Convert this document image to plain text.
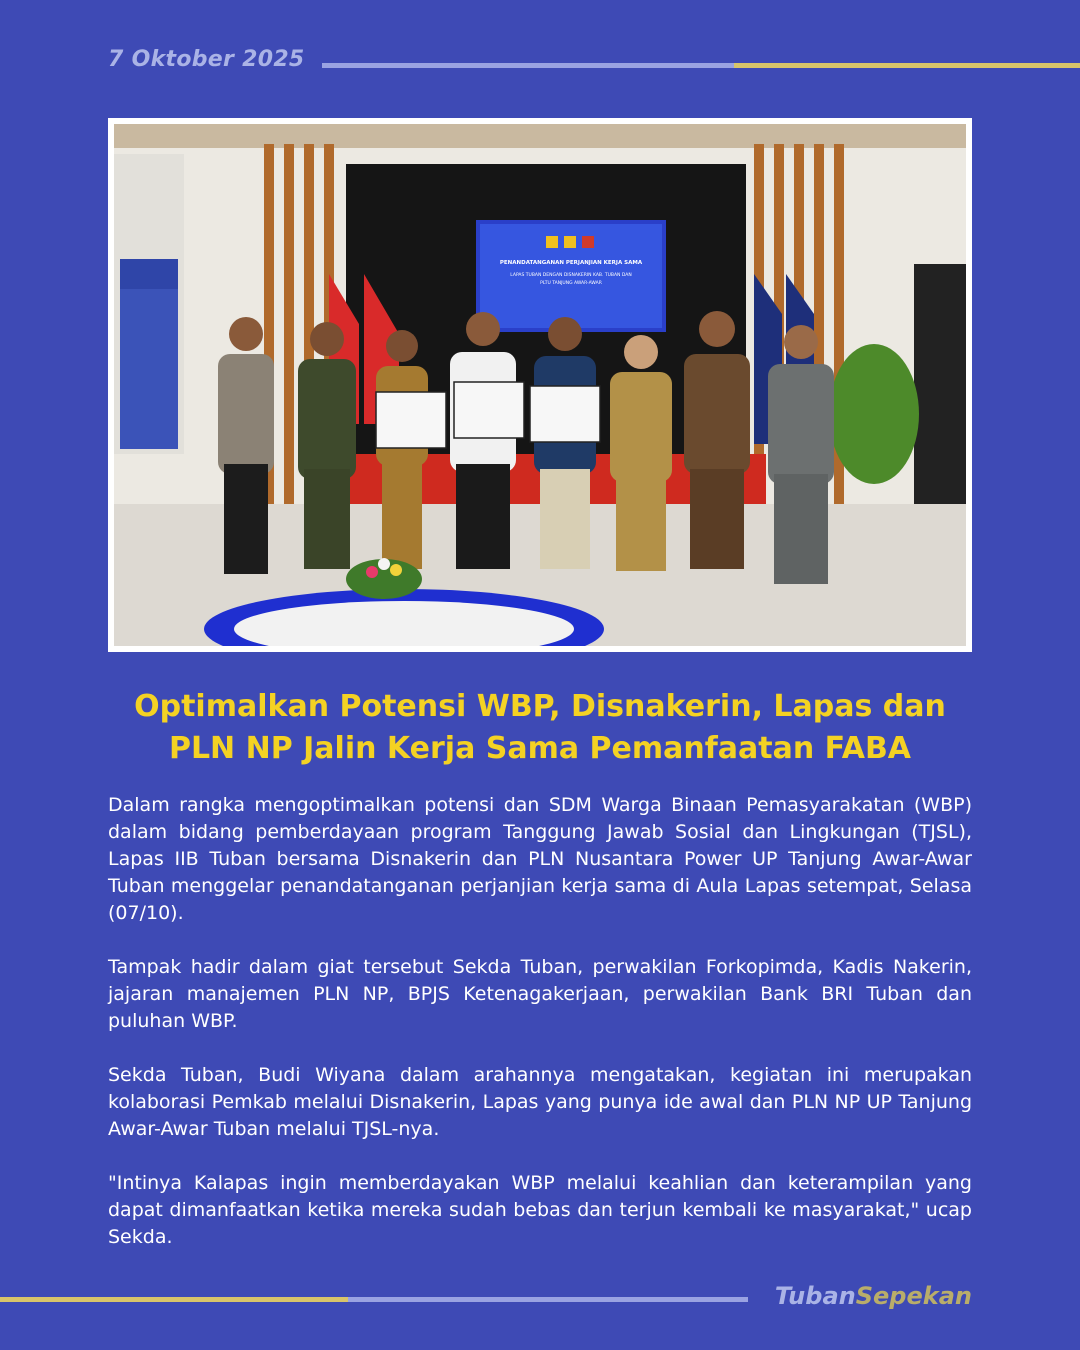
7 Oktober 2025
PENANDATANGANAN PERJANJIAN KERJA SAMA
LAPAS TUBAN DENGAN DISNAKERIN KAB. TUBAN DAN
PLTU TANJUNG AWAR-AWAR
Optimalkan Potensi WBP, Disnakerin, Lapas dan PLN NP Jalin Kerja Sama Pemanfaatan FABA

Dalam rangka mengoptimalkan potensi dan SDM Warga Binaan Pemasyarakatan (WBP) dalam bidang pemberdayaan program Tanggung Jawab Sosial dan Lingkungan (TJSL), Lapas IIB Tuban bersama Disnakerin dan PLN Nusantara Power UP Tanjung Awar-Awar Tuban menggelar penandatanganan perjanjian kerja sama di Aula Lapas setempat, Selasa (07/10).

Tampak hadir dalam giat tersebut Sekda Tuban, perwakilan Forkopimda, Kadis Nakerin, jajaran manajemen PLN NP, BPJS Ketenagakerjaan, perwakilan Bank BRI Tuban dan puluhan WBP.

Sekda Tuban, Budi Wiyana dalam arahannya mengatakan, kegiatan ini merupakan kolaborasi Pemkab melalui Disnakerin, Lapas yang punya ide awal dan PLN NP UP Tanjung Awar-Awar Tuban melalui TJSL-nya.

"Intinya Kalapas ingin memberdayakan WBP melalui keahlian dan keterampilan yang dapat dimanfaatkan ketika mereka sudah bebas dan terjun kembali ke masyarakat," ucap Sekda.

TubanSepekan
